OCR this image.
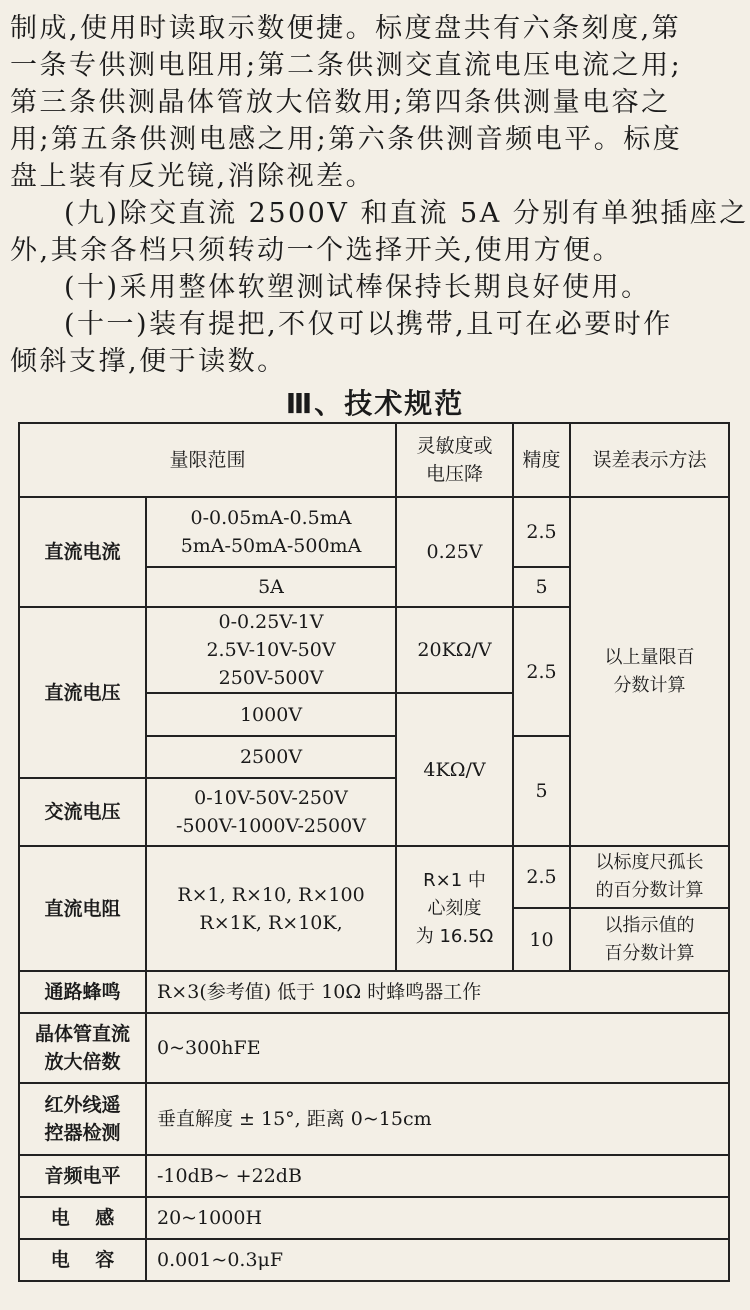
制成,使用时读取示数便捷。标度盘共有六条刻度,第
一条专供测电阻用;第二条供测交直流电压电流之用;
第三条供测晶体管放大倍数用;第四条供测量电容之
用;第五条供测电感之用;第六条供测音频电平。标度
盘上装有反光镜,消除视差。

(九)除交直流 2500V 和直流 5A 分别有单独插座之
外,其余各档只须转动一个选择开关,使用方便。

(十)采用整体软塑测试棒保持长期良好使用。

(十一)装有提把,不仅可以携带,且可在必要时作
倾斜支撑,便于读数。

Ⅲ、技术规范
量限范围		灵敏度或
电压降	精度	误差表示方法
直流电流	0-0.05mA-0.5mA
5mA-50mA-500mA	0.25V	2.5	以上量限百
分数计算

	5A		5	
直流电压	0-0.25V-1V
2.5V-10V-50V
250V-500V	20KΩ/V	2.5	
	1000V	4KΩ/V		
	2500V		5	
交流电压	0-10V-50V-250V
-500V-1000V-2500V			

直流电阻	R×1, R×10, R×100
R×1K, R×10K,	R×1 中
心刻度
为 16.5Ω	2.5	以标度尺孤长
的百分数计算

			10	以指示值的
百分数计算

通路蜂鸣	R×3(参考值) 低于 10Ω 时蜂鸣器工作			

晶体管直流
放大倍数	0~300hFE			

红外线遥
控器检测	垂直解度 ± 15°, 距离 0~15cm			
音频电平	-10dB~ +22dB			
电　 感	20~1000H			
电　 容	0.001~0.3μF			
